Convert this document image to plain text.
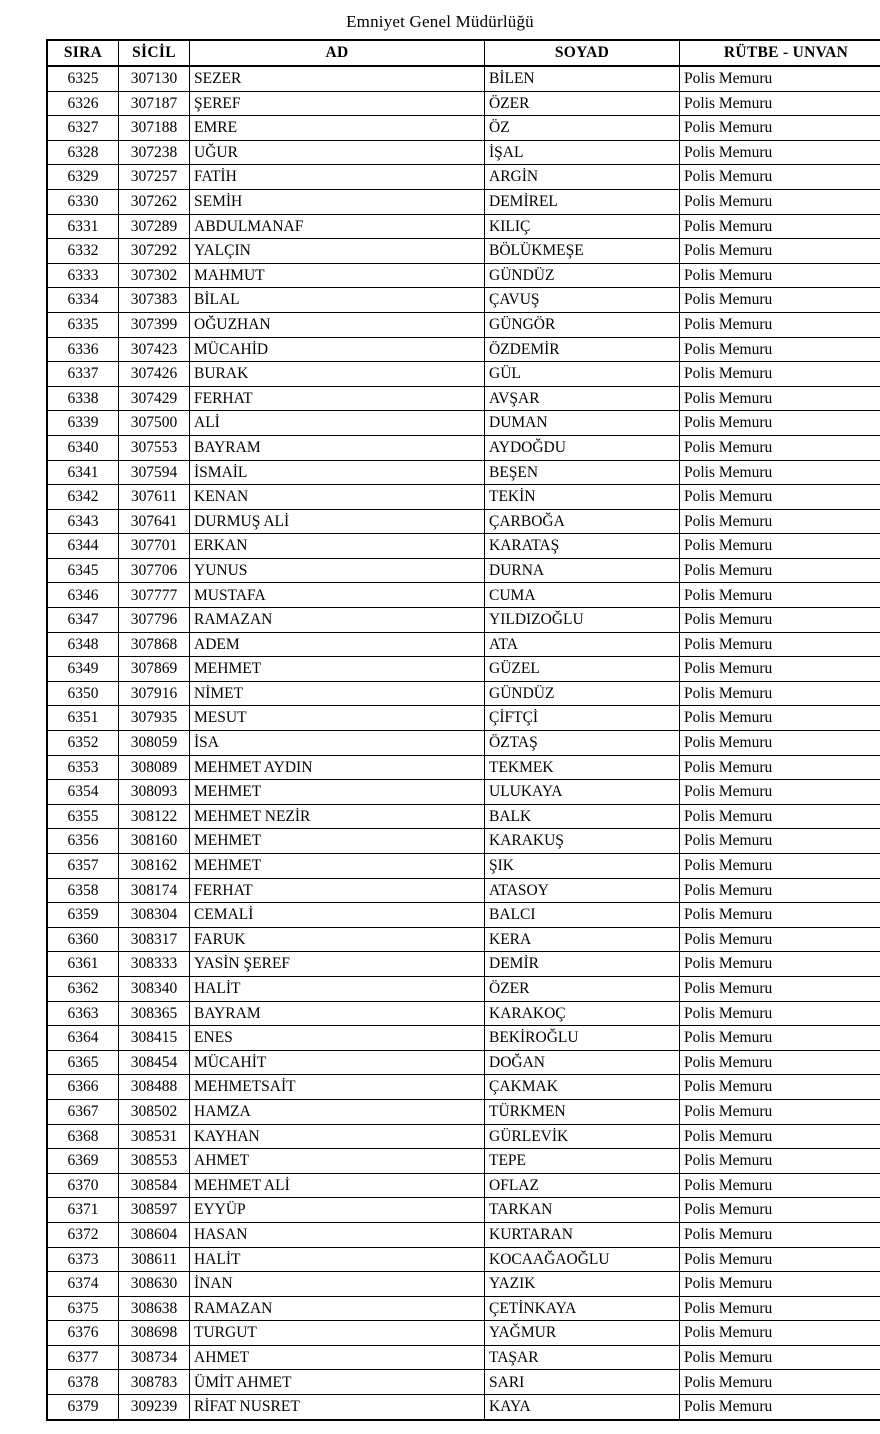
Emniyet Genel Müdürlüğü
SIRA	SİCİL	AD	SOYAD	RÜTBE - UNVAN
6325	307130	SEZER	BİLEN	Polis Memuru
6326	307187	ŞEREF	ÖZER	Polis Memuru
6327	307188	EMRE	ÖZ	Polis Memuru
6328	307238	UĞUR	İŞAL	Polis Memuru
6329	307257	FATİH	ARGİN	Polis Memuru
6330	307262	SEMİH	DEMİREL	Polis Memuru
6331	307289	ABDULMANAF	KILIÇ	Polis Memuru
6332	307292	YALÇIN	BÖLÜKMEŞE	Polis Memuru
6333	307302	MAHMUT	GÜNDÜZ	Polis Memuru
6334	307383	BİLAL	ÇAVUŞ	Polis Memuru
6335	307399	OĞUZHAN	GÜNGÖR	Polis Memuru
6336	307423	MÜCAHİD	ÖZDEMİR	Polis Memuru
6337	307426	BURAK	GÜL	Polis Memuru
6338	307429	FERHAT	AVŞAR	Polis Memuru
6339	307500	ALİ	DUMAN	Polis Memuru
6340	307553	BAYRAM	AYDOĞDU	Polis Memuru
6341	307594	İSMAİL	BEŞEN	Polis Memuru
6342	307611	KENAN	TEKİN	Polis Memuru
6343	307641	DURMUŞ ALİ	ÇARBOĞA	Polis Memuru
6344	307701	ERKAN	KARATAŞ	Polis Memuru
6345	307706	YUNUS	DURNA	Polis Memuru
6346	307777	MUSTAFA	CUMA	Polis Memuru
6347	307796	RAMAZAN	YILDIZOĞLU	Polis Memuru
6348	307868	ADEM	ATA	Polis Memuru
6349	307869	MEHMET	GÜZEL	Polis Memuru
6350	307916	NİMET	GÜNDÜZ	Polis Memuru
6351	307935	MESUT	ÇİFTÇİ	Polis Memuru
6352	308059	İSA	ÖZTAŞ	Polis Memuru
6353	308089	MEHMET AYDIN	TEKMEK	Polis Memuru
6354	308093	MEHMET	ULUKAYA	Polis Memuru
6355	308122	MEHMET NEZİR	BALK	Polis Memuru
6356	308160	MEHMET	KARAKUŞ	Polis Memuru
6357	308162	MEHMET	ŞIK	Polis Memuru
6358	308174	FERHAT	ATASOY	Polis Memuru
6359	308304	CEMALİ	BALCI	Polis Memuru
6360	308317	FARUK	KERA	Polis Memuru
6361	308333	YASİN ŞEREF	DEMİR	Polis Memuru
6362	308340	HALİT	ÖZER	Polis Memuru
6363	308365	BAYRAM	KARAKOÇ	Polis Memuru
6364	308415	ENES	BEKİROĞLU	Polis Memuru
6365	308454	MÜCAHİT	DOĞAN	Polis Memuru
6366	308488	MEHMETSAİT	ÇAKMAK	Polis Memuru
6367	308502	HAMZA	TÜRKMEN	Polis Memuru
6368	308531	KAYHAN	GÜRLEVİK	Polis Memuru
6369	308553	AHMET	TEPE	Polis Memuru
6370	308584	MEHMET ALİ	OFLAZ	Polis Memuru
6371	308597	EYYÜP	TARKAN	Polis Memuru
6372	308604	HASAN	KURTARAN	Polis Memuru
6373	308611	HALİT	KOCAAĞAOĞLU	Polis Memuru
6374	308630	İNAN	YAZIK	Polis Memuru
6375	308638	RAMAZAN	ÇETİNKAYA	Polis Memuru
6376	308698	TURGUT	YAĞMUR	Polis Memuru
6377	308734	AHMET	TAŞAR	Polis Memuru
6378	308783	ÜMİT AHMET	SARI	Polis Memuru
6379	309239	RİFAT NUSRET	KAYA	Polis Memuru
